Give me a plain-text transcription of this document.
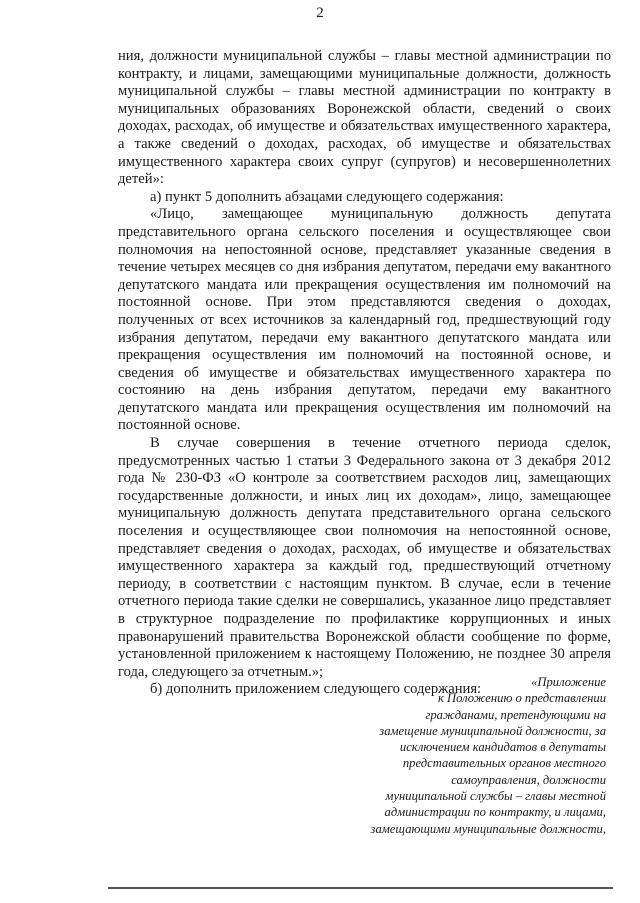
2

ния, должности муниципальной службы – главы местной администрации по контракту, и лицами, замещающими муниципальные должности, должность муниципальной службы – главы местной администрации по контракту в муниципальных образованиях Воронежской области, сведений о своих доходах, расходах, об имуществе и обязательствах имущественного характера, а также сведений о доходах, расходах, об имуществе и обязательствах имущественного характера своих супруг (супругов) и несовершеннолетних детей»:

а) пункт 5 дополнить абзацами следующего содержания:

«Лицо, замещающее муниципальную должность депутата представительного органа сельского поселения и осуществляющее свои полномочия на непостоянной основе, представляет указанные сведения в течение четырех месяцев со дня избрания депутатом, передачи ему вакантного депутатского мандата или прекращения осуществления им полномочий на постоянной основе. При этом представляются сведения о доходах, полученных от всех источников за календарный год, предшествующий году избрания депутатом, передачи ему вакантного депутатского мандата или прекращения осуществления им полномочий на постоянной основе, и сведения об имуществе и обязательствах имущественного характера по состоянию на день избрания депутатом, передачи ему вакантного депутатского мандата или прекращения осуществления им полномочий на постоянной основе.

В случае совершения в течение отчетного периода сделок, предусмотренных частью 1 статьи 3 Федерального закона от 3 декабря 2012 года № 230-ФЗ «О контроле за соответствием расходов лиц, замещающих государственные должности, и иных лиц их доходам», лицо, замещающее муниципальную должность депутата представительного органа сельского поселения и осуществляющее свои полномочия на непостоянной основе, представляет сведения о доходах, расходах, об имуществе и обязательствах имущественного характера за каждый год, предшествующий отчетному периоду, в соответствии с настоящим пунктом. В случае, если в течение отчетного периода такие сделки не совершались, указанное лицо представляет в структурное подразделение по профилактике коррупционных и иных правонарушений правительства Воронежской области сообщение по форме, установленной приложением к настоящему Положению, не позднее 30 апреля года, следующего за отчетным.»;

б) дополнить приложением следующего содержания:	«Приложение
к Положению о представлении
гражданами, претендующими на
замещение муниципальной должности, за
исключением кандидатов в депутаты
представительных органов местного
самоуправления, должности
муниципальной службы – главы местной
администрации по контракту, и лицами,
замещающими муниципальные должности,
